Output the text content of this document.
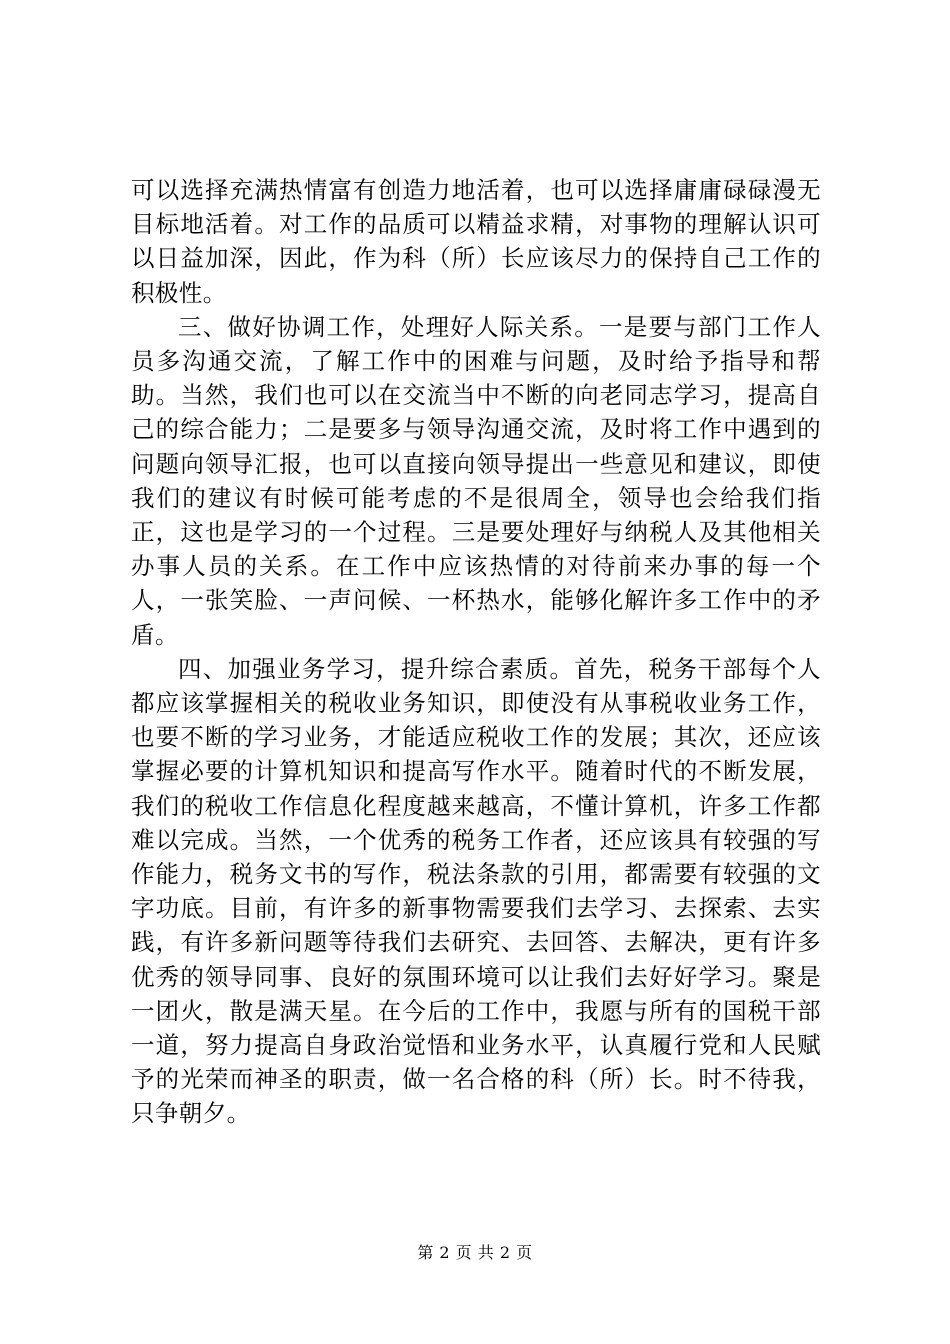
可以选择充满热情富有创造力地活着，也可以选择庸庸碌碌漫无目标地活着。对工作的品质可以精益求精，对事物的理解认识可以日益加深，因此，作为科（所）长应该尽力的保持自己工作的积极性。

三、做好协调工作，处理好人际关系。一是要与部门工作人员多沟通交流，了解工作中的困难与问题，及时给予指导和帮助。当然，我们也可以在交流当中不断的向老同志学习，提高自己的综合能力；二是要多与领导沟通交流，及时将工作中遇到的问题向领导汇报，也可以直接向领导提出一些意见和建议，即使我们的建议有时候可能考虑的不是很周全，领导也会给我们指正，这也是学习的一个过程。三是要处理好与纳税人及其他相关办事人员的关系。在工作中应该热情的对待前来办事的每一个人，一张笑脸、一声问候、一杯热水，能够化解许多工作中的矛盾。

四、加强业务学习，提升综合素质。首先，税务干部每个人都应该掌握相关的税收业务知识，即使没有从事税收业务工作，也要不断的学习业务，才能适应税收工作的发展；其次，还应该掌握必要的计算机知识和提高写作水平。随着时代的不断发展，我们的税收工作信息化程度越来越高，不懂计算机，许多工作都难以完成。当然，一个优秀的税务工作者，还应该具有较强的写作能力，税务文书的写作，税法条款的引用，都需要有较强的文字功底。目前，有许多的新事物需要我们去学习、去探索、去实践，有许多新问题等待我们去研究、去回答、去解决，更有许多优秀的领导同事、良好的氛围环境可以让我们去好好学习。聚是一团火，散是满天星。在今后的工作中，我愿与所有的国税干部一道，努力提高自身政治觉悟和业务水平，认真履行党和人民赋予的光荣而神圣的职责，做一名合格的科（所）长。时不待我，只争朝夕。

第 2 页 共 2 页
